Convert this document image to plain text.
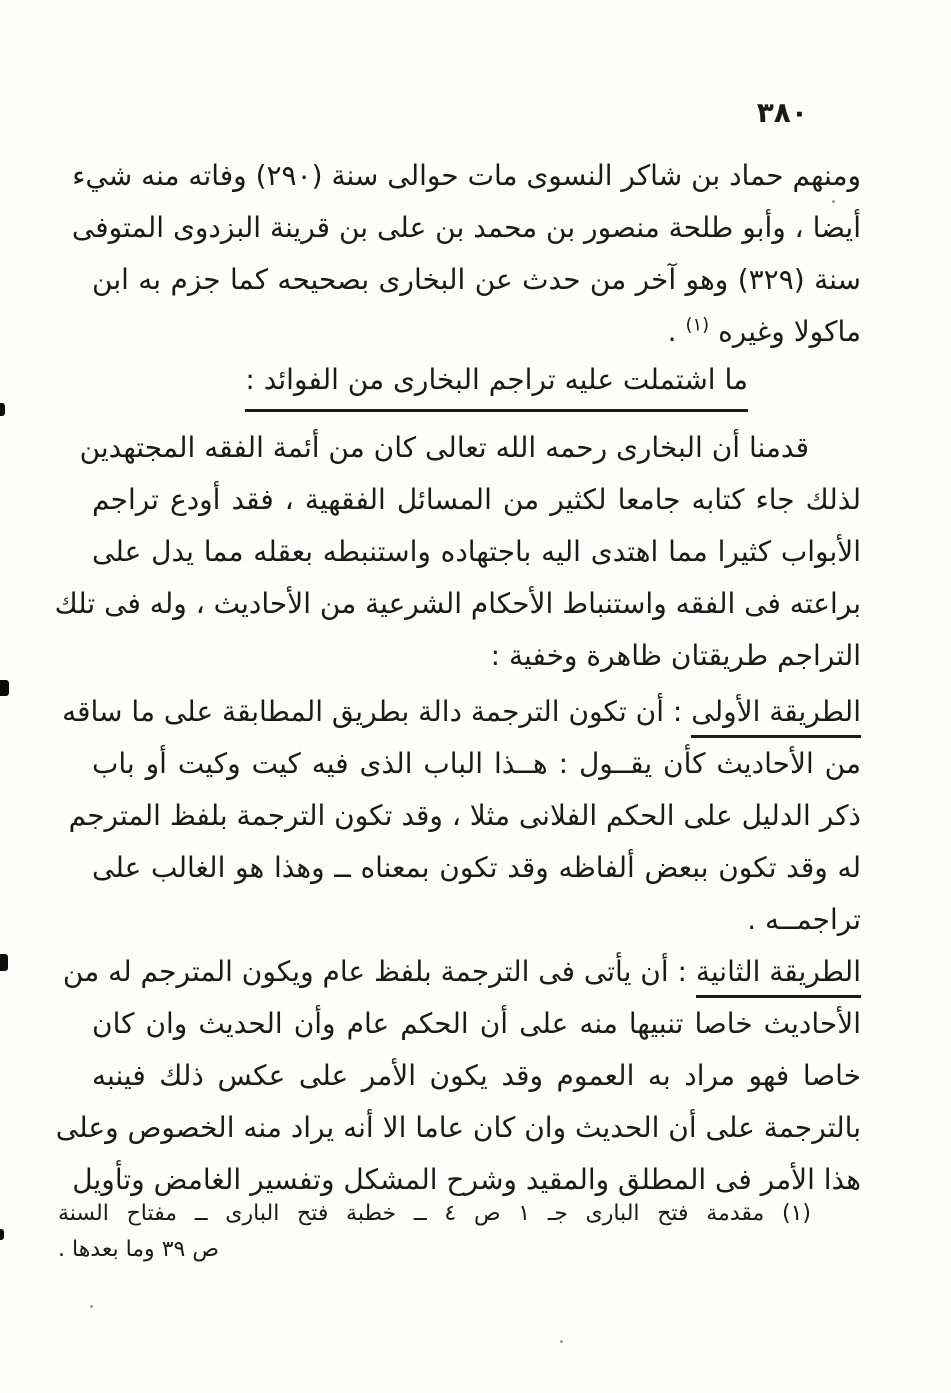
٣٨٠
ومنهم حماد بن شاكر النسوى مات حوالى سنة (٢٩٠) وفاته منه شيء
أيضا ، وأبو طلحة منصور بن محمد بن على بن قرينة البزدوى المتوفى
سنة (٣٢٩) وهو آخر من حدث عن البخارى بصحيحه كما جزم به ابن
ماكولا وغيره $^{(١)}$ .
ما اشتملت عليه تراجم البخارى من الفوائد :
قدمنا أن البخارى رحمه الله تعالى كان من أئمة الفقه المجتهدين
لذلك جاء كتابه جامعا لكثير من المسائل الفقهية ، فقد أودع تراجم
الأبواب كثيرا مما اهتدى اليه باجتهاده واستنبطه بعقله مما يدل على
براعته فى الفقه واستنباط الأحكام الشرعية من الأحاديث ، وله فى تلك
التراجم طريقتان ظاهرة وخفية :
الطريقة الأولى : أن تكون الترجمة دالة بطريق المطابقة على ما ساقه
من الأحاديث كأن يقــول : هــذا الباب الذى فيه كيت وكيت أو باب
ذكر الدليل على الحكم الفلانى مثلا ، وقد تكون الترجمة بلفظ المترجم
له وقد تكون ببعض ألفاظه وقد تكون بمعناه ــ وهذا هو الغالب على
تراجمــه .
الطريقة الثانية : أن يأتى فى الترجمة بلفظ عام ويكون المترجم له من
الأحاديث خاصا تنبيها منه على أن الحكم عام وأن الحديث وان كان
خاصا فهو مراد به العموم وقد يكون الأمر على عكس ذلك فينبه
بالترجمة على أن الحديث وان كان عاما الا أنه يراد منه الخصوص وعلى
هذا الأمر فى المطلق والمقيد وشرح المشكل وتفسير الغامض وتأويل
(١) مقدمة فتح البارى جـ ١ ص ٤ ــ خطبة فتح البارى ــ مفتاح السنة
ص ٣٩ وما بعدها .
